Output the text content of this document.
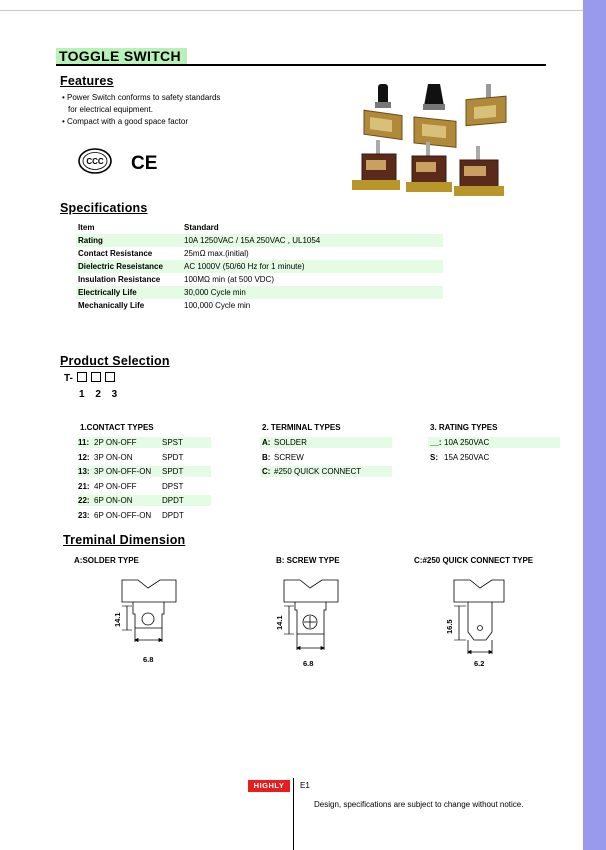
TOGGLE SWITCH
Features
• Power Switch conforms to safety standards
for electrical equipment.
• Compact with a good space factor
CCC CE
Specifications
Item	Standard
Rating	10A 1250VAC / 15A 250VAC , UL1054
Contact Resistance	25mΩ max.(initial)
Dielectric Reseistance	AC 1000V (50/60 Hz for 1 minute)
Insulation Resistance	100MΩ min (at 500 VDC)
Electrically Life	30,000 Cycle min
Mechanically Life	100,000 Cycle min
Product Selection
T-
1 2 3
1.CONTACT TYPES
11: 2P ON-OFF	SPST
12: 3P ON-ON	SPDT
13: 3P ON-OFF-ON SPDT
21: 4P ON-OFF	DPST
22: 6P ON-ON	DPDT
23: 6P ON-OFF-ON DPDT
2. TERMINAL TYPES
A: SOLDER
B: SCREW
C: #250 QUICK CONNECT
3. RATING TYPES
__: 10A 250VAC
S: 15A 250VAC
Treminal Dimension
A:SOLDER TYPE	B: SCREW TYPE	C:#250 QUICK CONNECT TYPE
14.1
6.8
14.1
6.8
16.5
6.2
HIGHLY	E1
Design, specifications are subject to change without notice.
